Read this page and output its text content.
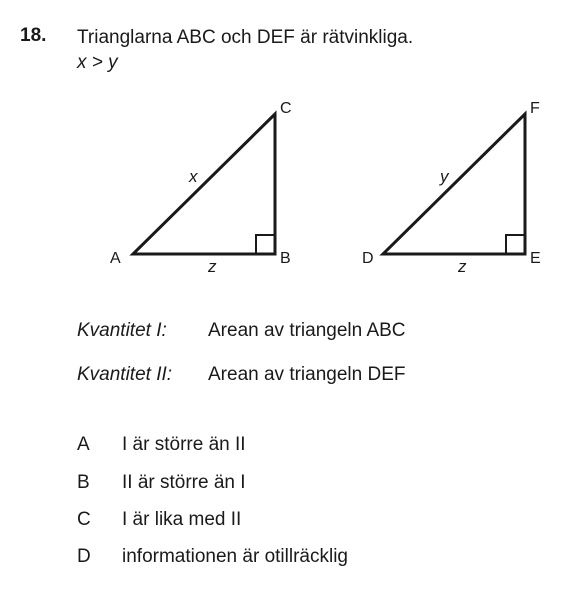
18. Trianglarna ABC och DEF är rätvinkliga.
x > y
A	B
C
x
z	D	E
F
y
z
Kvantitet I: Arean av triangeln ABC
Kvantitet II: Arean av triangeln DEF
A I är större än II
B II är större än I
C I är lika med II
D informationen är otillräcklig
